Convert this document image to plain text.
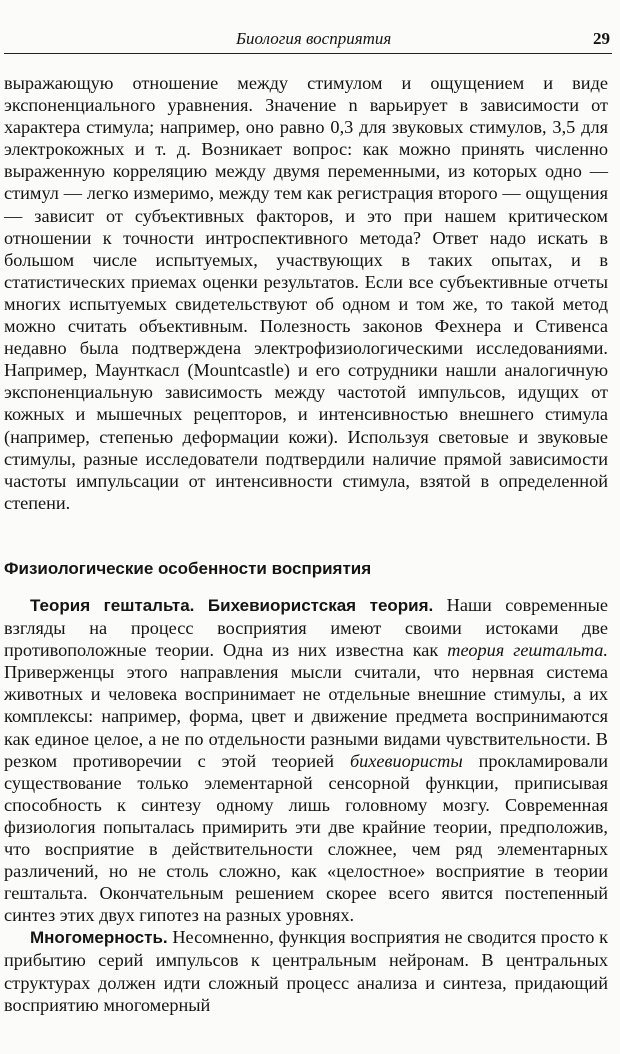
Биология восприятия	29

выражающую отношение между стимулом и ощущением и виде экспоненциального уравнения. Значение n варьирует в зависимости от характера стимула; например, оно равно 0,3 для звуковых стимулов, 3,5 для электрокожных и т. д. Возникает вопрос: как можно принять численно выраженную корреляцию между двумя переменными, из которых одно — стимул — легко измеримо, между тем как регистрация второго — ощущения — зависит от субъективных факторов, и это при нашем критическом отношении к точности интроспективного метода? Ответ надо искать в большом числе испытуемых, участвующих в таких опытах, и в статистических приемах оценки результатов. Если все субъективные отчеты многих испытуемых свидетельствуют об одном и том же, то такой метод можно считать объективным. Полезность законов Фехнера и Стивенса недавно была подтверждена электрофизиологическими исследованиями. Например, Маунткасл (Mountcastle) и его сотрудники нашли аналогичную экспоненциальную зависимость между частотой импульсов, идущих от кожных и мышечных рецепторов, и интенсивностью внешнего стимула (например, степенью деформации кожи). Используя световые и звуковые стимулы, разные исследователи подтвердили наличие прямой зависимости частоты импульсации от интенсивности стимула, взятой в определенной степени.

Физиологические особенности восприятия

Теория гештальта. Бихевиористская теория. Наши современные взгляды на процесс восприятия имеют своими истоками две противоположные теории. Одна из них известна как теория гештальта. Приверженцы этого направления мысли считали, что нервная система животных и человека воспринимает не отдельные внешние стимулы, а их комплексы: например, форма, цвет и движение предмета воспринимаются как единое целое, а не по отдельности разными видами чувствительности. В резком противоречии с этой теорией бихевиористы прокламировали существование только элементарной сенсорной функции, приписывая способность к синтезу одному лишь головному мозгу. Современная физиология попыталась примирить эти две крайние теории, предположив, что восприятие в действительности сложнее, чем ряд элементарных различений, но не столь сложно, как «целостное» восприятие в теории гештальта. Окончательным решением скорее всего явится постепенный синтез этих двух гипотез на разных уровнях.

Многомерность. Несомненно, функция восприятия не сводится просто к прибытию серий импульсов к центральным нейронам. В центральных структурах должен идти сложный процесс анализа и синтеза, придающий восприятию многомерный
